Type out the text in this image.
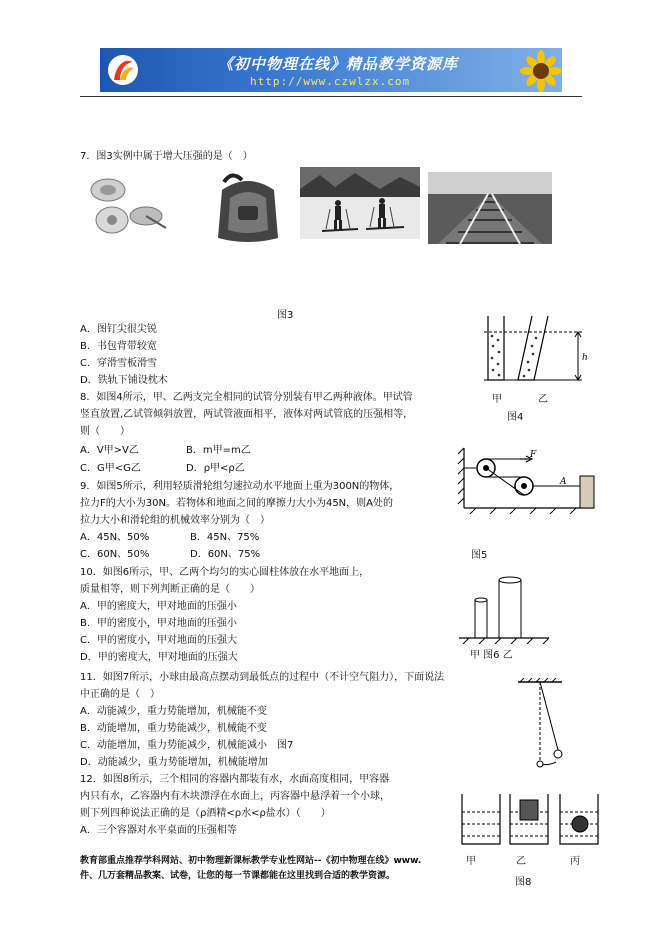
《初中物理在线》精品教学资源库
http://www.czwlzx.com
7．图3实例中属于增大压强的是（　）
图3
A．图钉尖很尖锐
B．书包背带较宽
C．穿滑雪板滑雪
D．铁轨下铺设枕木
h
甲	乙
图4
8．如图4所示，甲、乙两支完全相同的试管分别装有甲乙两种液体。甲试管
竖直放置,乙试管倾斜放置，两试管液面相平，液体对两试管底的压强相等，
则（　　）
A．V甲>V乙	B．m甲=m乙
C．G甲<G乙	D．ρ甲<ρ乙
F
A
图5
9．如图5所示，利用轻质滑轮组匀速拉动水平地面上重为300N的物体，
拉力F的大小为30N。若物体和地面之间的摩擦力大小为45N，则A处的
拉力大小和滑轮组的机械效率分别为（　）
A．45N、50%	B．45N、75%
C．60N、50%	D．60N、75%
10．如图6所示，甲、乙两个均匀的实心圆柱体放在水平地面上，
质量相等，则下列判断正确的是（　　）
A．甲的密度大，甲对地面的压强小
B．甲的密度小，甲对地面的压强小
C．甲的密度小，甲对地面的压强大
D．甲的密度大，甲对地面的压强大	甲 图6 乙
11．如图7所示，小球由最高点摆动到最低点的过程中（不计空气阻力），下面说法
中正确的是（　）
A．动能减少，重力势能增加，机械能不变
B．动能增加，重力势能减少，机械能不变
C．动能增加，重力势能减少，机械能减小　图7
D．动能减少，重力势能增加，机械能增加
12．如图8所示，三个相同的容器内都装有水，水面高度相同，甲容器
内只有水，乙容器内有木块漂浮在水面上，丙容器中悬浮着一个小球，
则下列四种说法正确的是（ρ酒精<ρ水<ρ盐水）（　　）
A．三个容器对水平桌面的压强相等
甲	乙	丙
图8
教育部重点推荐学科网站、初中物理新课标教学专业性网站--《初中物理在线》www.
件、几万套精品教案、试卷，让您的每一节课都能在这里找到合适的教学资源。
